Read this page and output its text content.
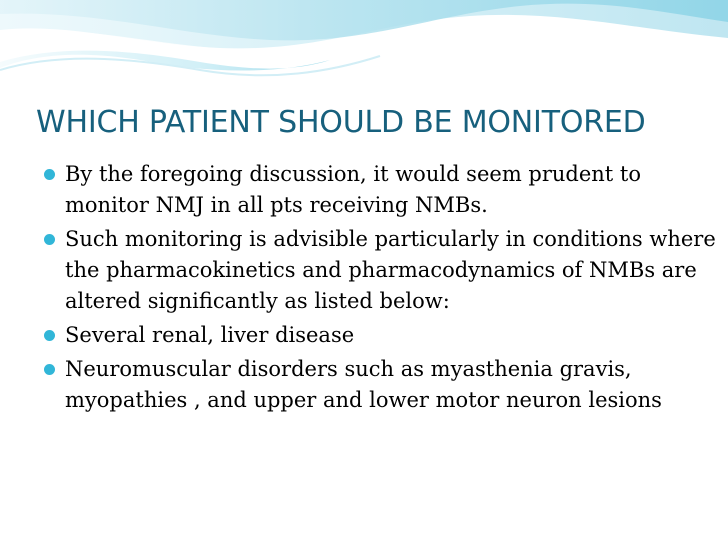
WHICH PATIENT SHOULD BE MONITORED
By the foregoing discussion, it would seem prudent to monitor NMJ in all pts receiving NMBs.
Such monitoring is advisible particularly in conditions where the pharmacokinetics and pharmacodynamics of NMBs are altered significantly as listed below:
Several renal, liver disease
Neuromuscular disorders such as myasthenia gravis, myopathies , and upper and lower motor neuron lesions
